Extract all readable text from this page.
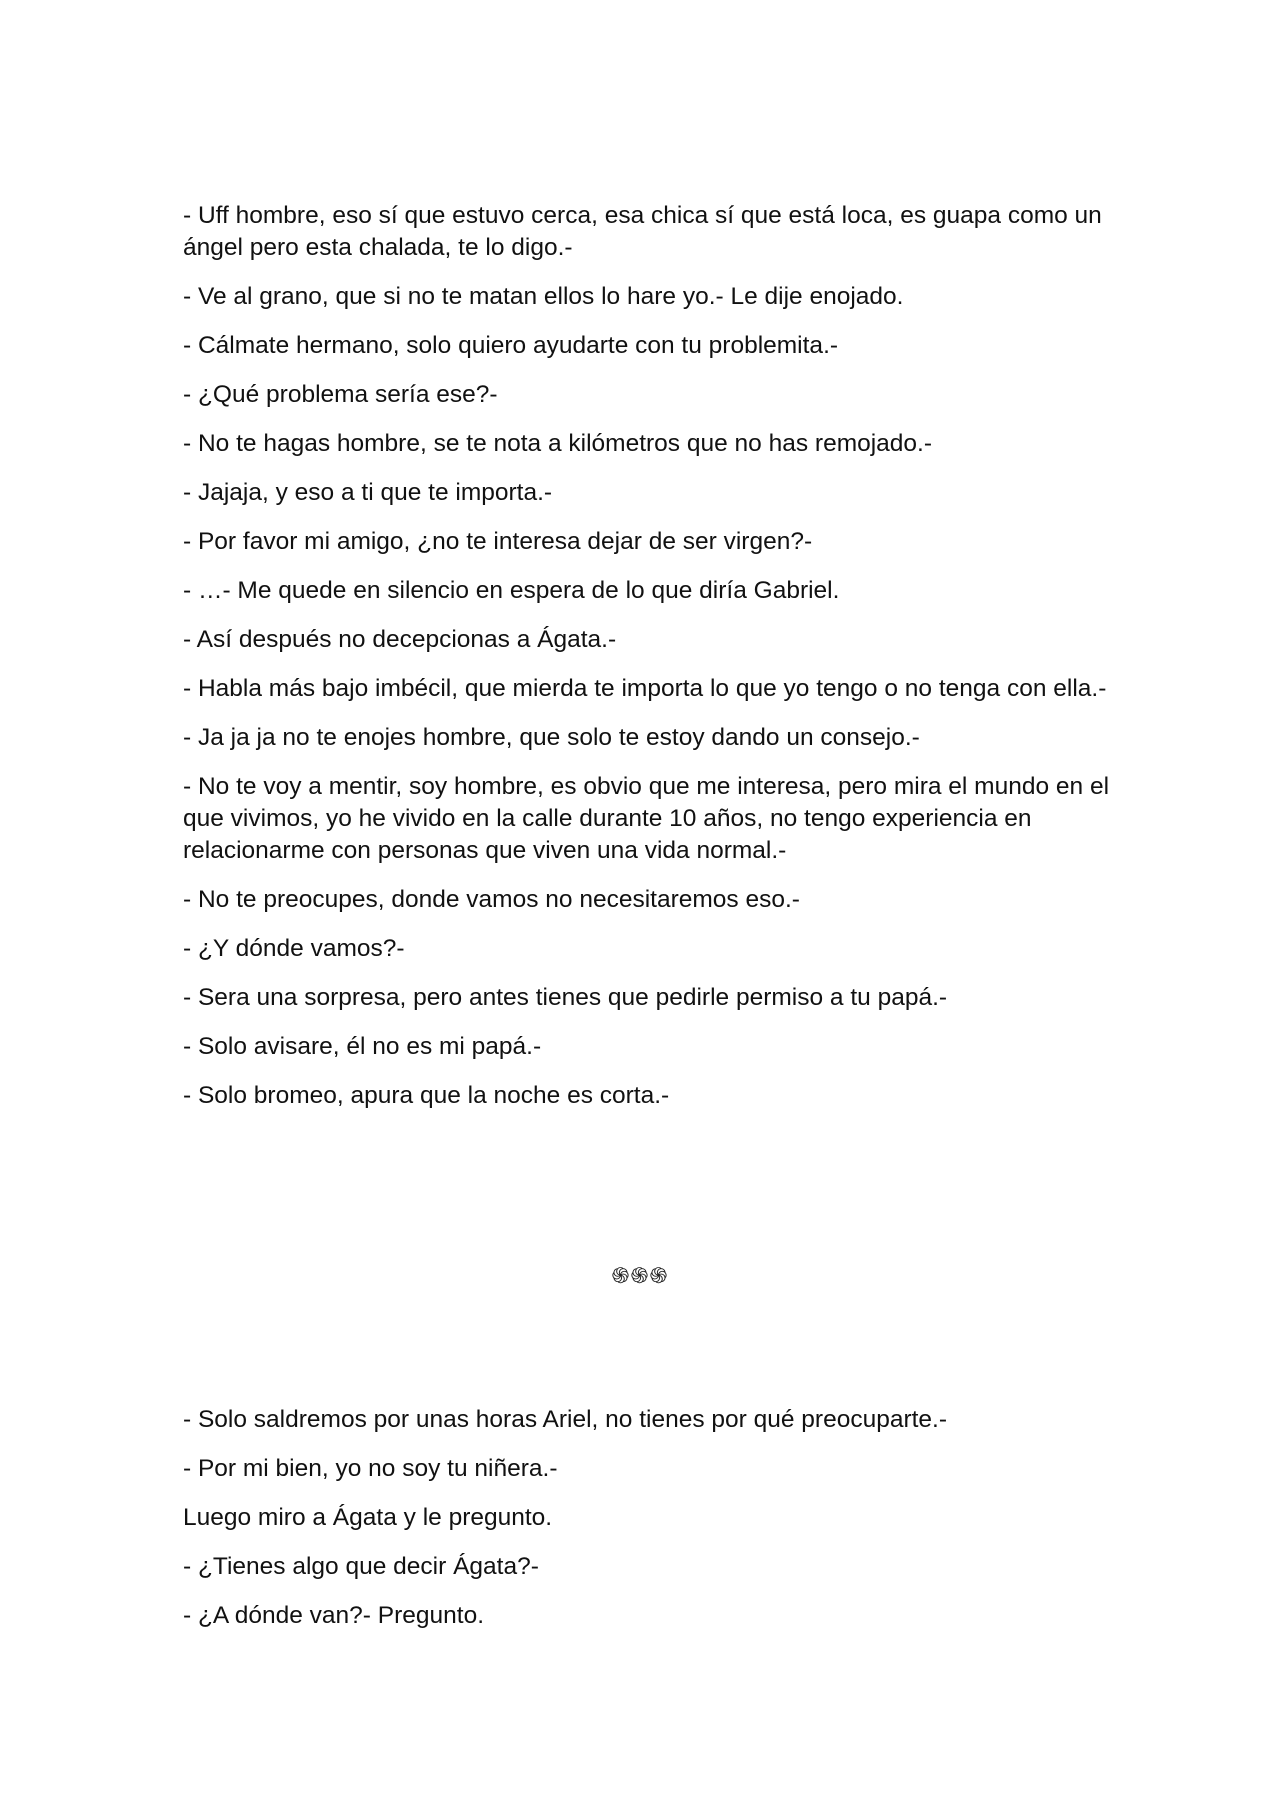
- Uff hombre, eso sí que estuvo cerca, esa chica sí que está loca, es guapa como un ángel pero esta chalada, te lo digo.-

- Ve al grano, que si no te matan ellos lo hare yo.- Le dije enojado.

- Cálmate hermano, solo quiero ayudarte con tu problemita.-

- ¿Qué problema sería ese?-

- No te hagas hombre, se te nota a kilómetros que no has remojado.-

- Jajaja, y eso a ti que te importa.-

- Por favor mi amigo, ¿no te interesa dejar de ser virgen?-

- …- Me quede en silencio en espera de lo que diría Gabriel.

- Así después no decepcionas a Ágata.-

- Habla más bajo imbécil, que mierda te importa lo que yo tengo o no tenga con ella.-

- Ja ja ja no te enojes hombre, que solo te estoy dando un consejo.-

- No te voy a mentir, soy hombre, es obvio que me interesa, pero mira el mundo en el que vivimos, yo he vivido en la calle durante 10 años, no tengo experiencia en relacionarme con personas que viven una vida normal.-

- No te preocupes, donde vamos no necesitaremos eso.-

- ¿Y dónde vamos?-

- Sera una sorpresa, pero antes tienes que pedirle permiso a tu papá.-

- Solo avisare, él no es mi papá.-

- Solo bromeo, apura que la noche es corta.-

֍֍֍

- Solo saldremos por unas horas Ariel, no tienes por qué preocuparte.-

- Por mi bien, yo no soy tu niñera.-

Luego miro a Ágata y le pregunto.

- ¿Tienes algo que decir Ágata?-

- ¿A dónde van?- Pregunto.
